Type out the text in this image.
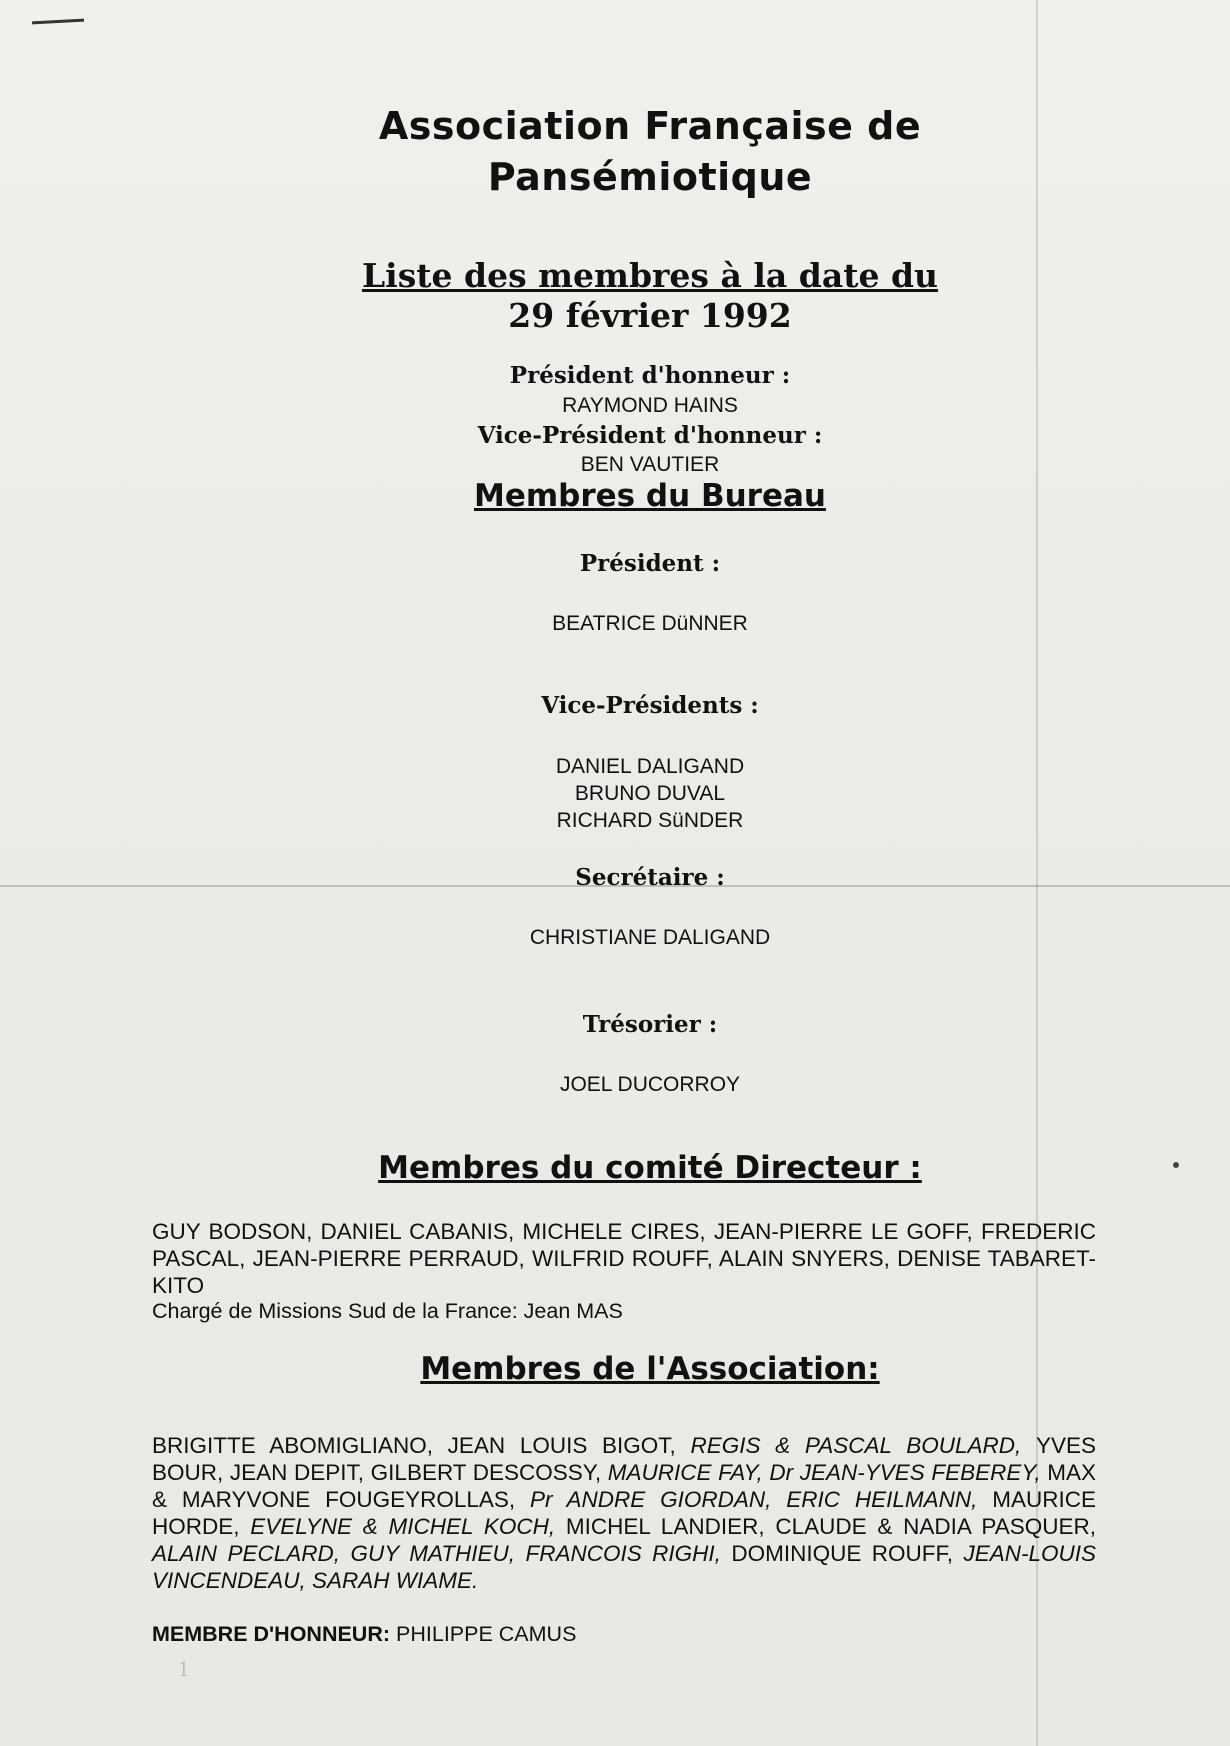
Association Française de
Pansémiotique
Liste des membres à la date du
29 février 1992
Président d'honneur :
RAYMOND HAINS
Vice-Président d'honneur :
BEN VAUTIER
Membres du Bureau
Président :
BEATRICE DüNNER
Vice-Présidents :
DANIEL DALIGAND
BRUNO DUVAL
RICHARD SüNDER
Secrétaire :
CHRISTIANE DALIGAND
Trésorier :
JOEL DUCORROY
Membres du comité Directeur :
GUY BODSON, DANIEL CABANIS, MICHELE CIRES, JEAN-PIERRE LE GOFF, FREDERIC PASCAL, JEAN-PIERRE PERRAUD, WILFRID ROUFF, ALAIN SNYERS, DENISE TABARET-KITO
Chargé de Missions Sud de la France: Jean MAS
Membres de l'Association:
BRIGITTE ABOMIGLIANO, JEAN LOUIS BIGOT, REGIS & PASCAL BOULARD, YVES BOUR, JEAN DEPIT, GILBERT DESCOSSY, MAURICE FAY, Dr JEAN-YVES FEBEREY, MAX & MARYVONE FOUGEYROLLAS, Pr ANDRE GIORDAN, ERIC HEILMANN, MAURICE HORDE, EVELYNE & MICHEL KOCH, MICHEL LANDIER, CLAUDE & NADIA PASQUER, ALAIN PECLARD, GUY MATHIEU, FRANCOIS RIGHI, DOMINIQUE ROUFF, JEAN-LOUIS VINCENDEAU, SARAH WIAME.
MEMBRE D'HONNEUR: PHILIPPE CAMUS
1
